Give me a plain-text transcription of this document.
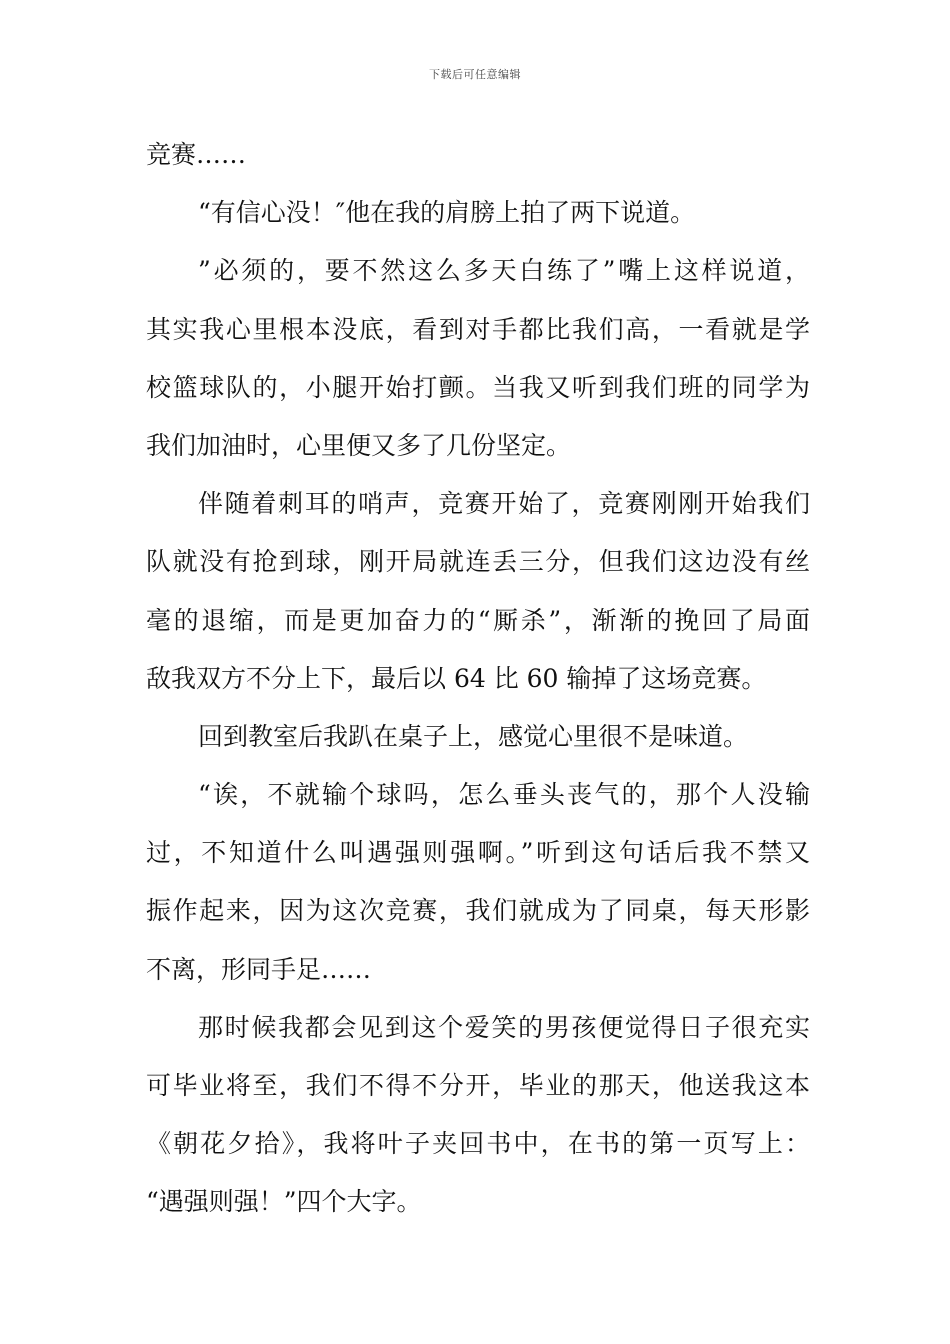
下载后可任意编辑
竞赛……
“有信心没！″他在我的肩膀上拍了两下说道。
”必须的，要不然这么多天白练了”嘴上这样说道，
其实我心里根本没底，看到对手都比我们高，一看就是学
校篮球队的，小腿开始打颤。当我又听到我们班的同学为
我们加油时，心里便又多了几份坚定。
伴随着刺耳的哨声，竞赛开始了，竞赛刚刚开始我们
队就没有抢到球，刚开局就连丢三分，但我们这边没有丝
毫的退缩，而是更加奋力的“厮杀”，渐渐的挽回了局面
敌我双方不分上下，最后以 64 比 60 输掉了这场竞赛。
回到教室后我趴在桌子上，感觉心里很不是味道。
“诶，不就输个球吗，怎么垂头丧气的，那个人没输
过，不知道什么叫遇强则强啊。”听到这句话后我不禁又
振作起来，因为这次竞赛，我们就成为了同桌，每天形影
不离，形同手足……
那时候我都会见到这个爱笑的男孩便觉得日子很充实
可毕业将至，我们不得不分开，毕业的那天，他送我这本
《朝花夕拾》，我将叶子夹回书中，在书的第一页写上：
“遇强则强！”四个大字。
